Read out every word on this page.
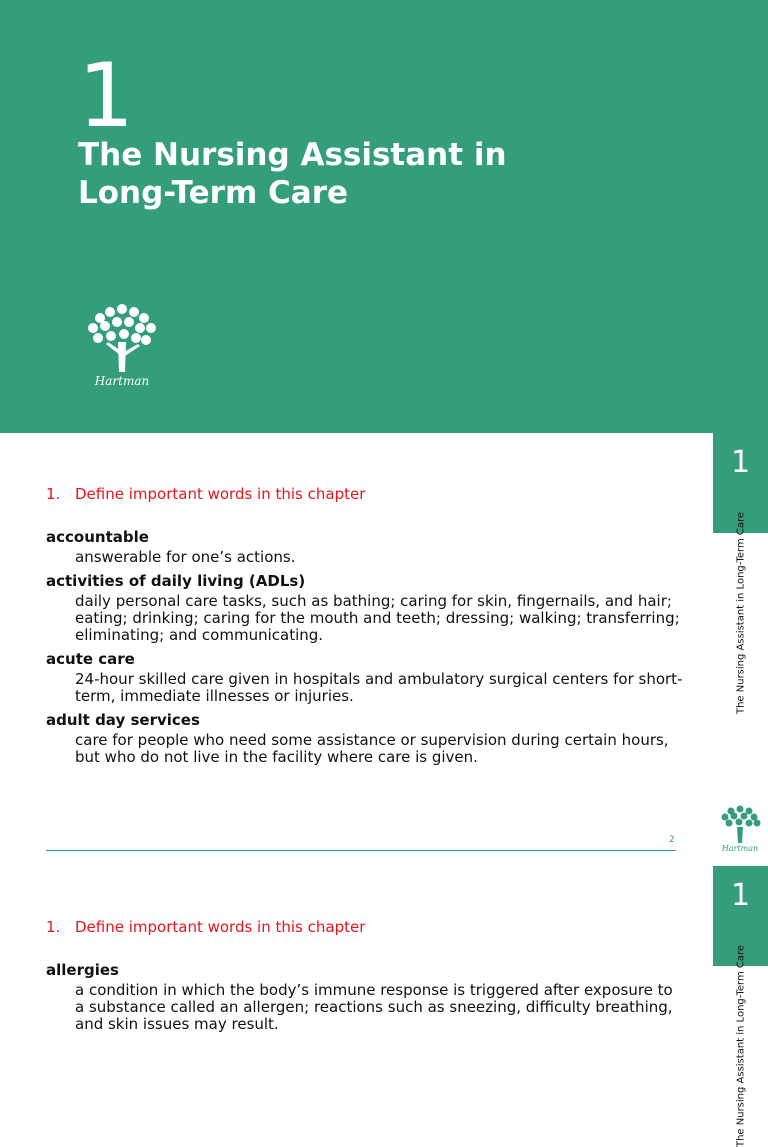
1
The Nursing Assistant in
Long-Term Care
Hartman
1
The Nursing Assistant in Long-Term Care
Hartman
1. Define important words in this chapter

accountable

answerable for one’s actions.

activities of daily living (ADLs)

daily personal care tasks, such as bathing; caring for skin, fingernails, and hair; eating; drinking; caring for the mouth and teeth; dressing; walking; transferring; eliminating; and communicating.

acute care

24-hour skilled care given in hospitals and ambulatory surgical centers for short-term, immediate illnesses or injuries.

adult day services

care for people who need some assistance or supervision during certain hours, but who do not live in the facility where care is given.

2
1
The Nursing Assistant in Long-Term Care
1. Define important words in this chapter

allergies

a condition in which the body’s immune response is triggered after exposure to a substance called an allergen; reactions such as sneezing, difficulty breathing, and skin issues may result.
